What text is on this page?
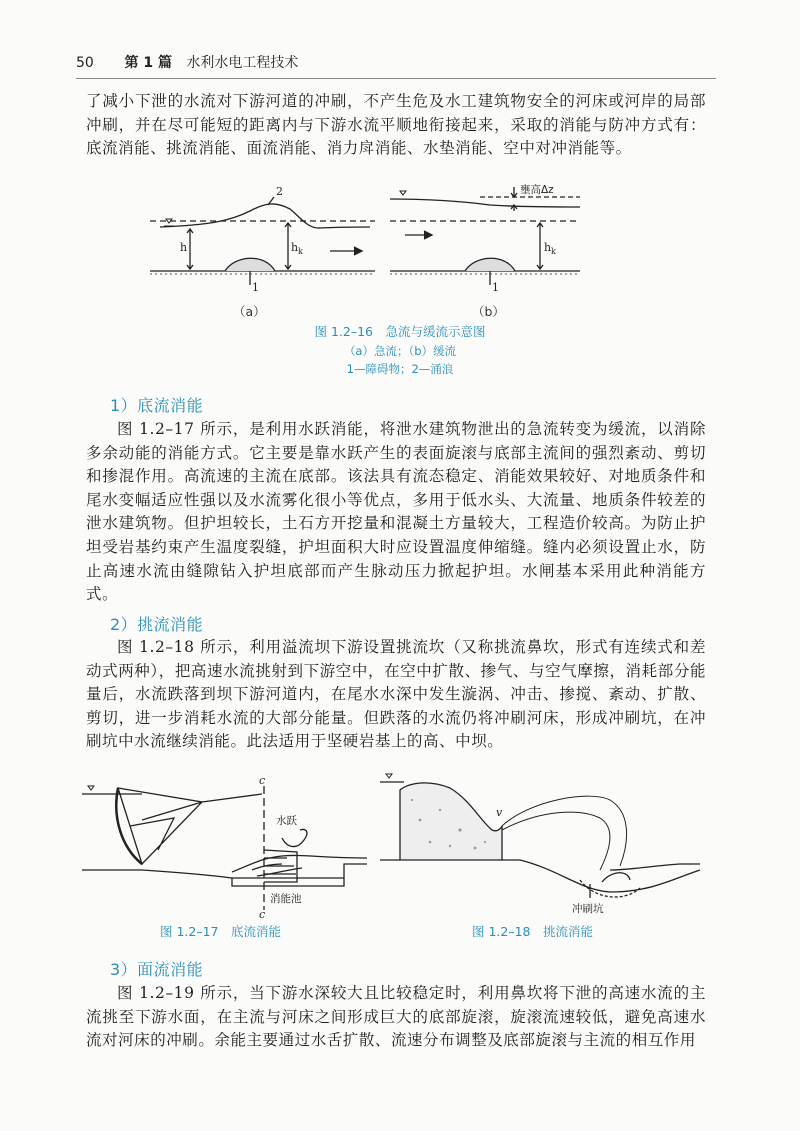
50 第 1 篇 水利水电工程技术

了减小下泄的水流对下游河道的冲刷，不产生危及水工建筑物安全的河床或河岸的局部冲刷，并在尽可能短的距离内与下游水流平顺地衔接起来，采取的消能与防冲方式有：底流消能、挑流消能、面流消能、消力戽消能、水垫消能、空中对冲消能等。

h	h k
2
1
壅高Δz
h k
1
（a）	（b）
图 1.2–16　急流与缓流示意图
（a）急流；（b）缓流
1—障碍物；2—涌浪
1）底流消能

图 1.2–17 所示，是利用水跃消能，将泄水建筑物泄出的急流转变为缓流，以消除多余动能的消能方式。它主要是靠水跃产生的表面旋滚与底部主流间的强烈紊动、剪切和掺混作用。高流速的主流在底部。该法具有流态稳定、消能效果较好、对地质条件和尾水变幅适应性强以及水流雾化很小等优点，多用于低水头、大流量、地质条件较差的泄水建筑物。但护坦较长，土石方开挖量和混凝土方量较大，工程造价较高。为防止护坦受岩基约束产生温度裂缝，护坦面积大时应设置温度伸缩缝。缝内必须设置止水，防止高速水流由缝隙钻入护坦底部而产生脉动压力掀起护坦。水闸基本采用此种消能方式。

2）挑流消能

图 1.2–18 所示，利用溢流坝下游设置挑流坎（又称挑流鼻坎，形式有连续式和差动式两种），把高速水流挑射到下游空中，在空中扩散、掺气、与空气摩擦，消耗部分能量后，水流跌落到坝下游河道内，在尾水水深中发生漩涡、冲击、掺搅、紊动、扩散、剪切，进一步消耗水流的大部分能量。但跌落的水流仍将冲刷河床，形成冲刷坑，在冲刷坑中水流继续消能。此法适用于坚硬岩基上的高、中坝。

c
c
水跃
消能池
v
冲刷坑
图 1.2–17　底流消能	图 1.2–18　挑流消能
3）面流消能

图 1.2–19 所示，当下游水深较大且比较稳定时，利用鼻坎将下泄的高速水流的主流挑至下游水面，在主流与河床之间形成巨大的底部旋滚，旋滚流速较低，避免高速水流对河床的冲刷。余能主要通过水舌扩散、流速分布调整及底部旋滚与主流的相互作用
